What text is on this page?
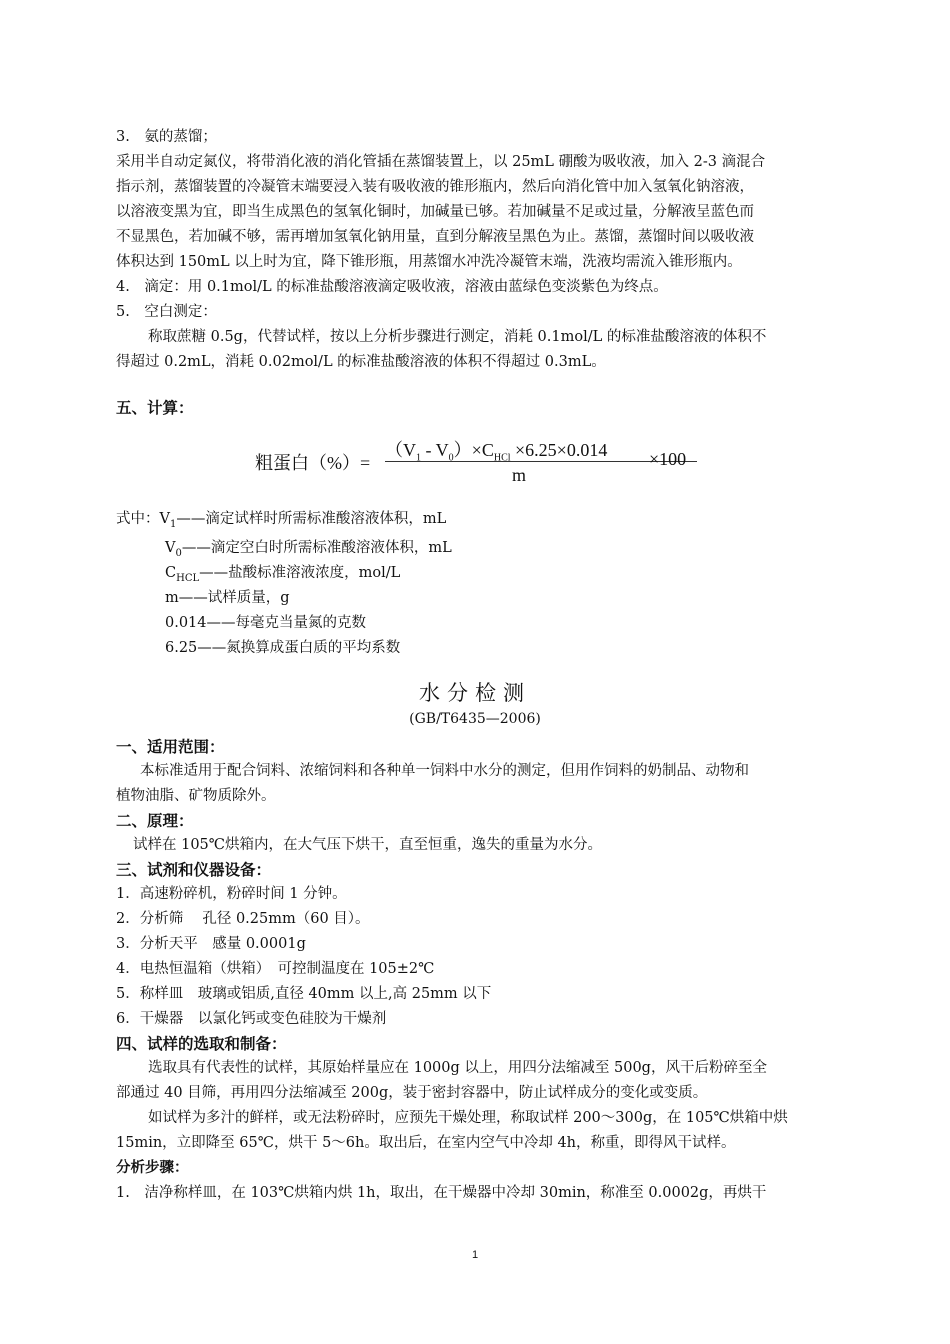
3.　氨的蒸馏；
采用半自动定氮仪，将带消化液的消化管插在蒸馏装置上，以 25mL 硼酸为吸收液，加入 2-3 滴混合
指示剂，蒸馏装置的冷凝管末端要浸入装有吸收液的锥形瓶内，然后向消化管中加入氢氧化钠溶液，
以溶液变黑为宜，即当生成黑色的氢氧化铜时，加碱量已够。若加碱量不足或过量，分解液呈蓝色而
不显黑色，若加碱不够，需再增加氢氧化钠用量，直到分解液呈黑色为止。蒸馏，蒸馏时间以吸收液
体积达到 150mL 以上时为宜，降下锥形瓶，用蒸馏水冲洗冷凝管末端，洗液均需流入锥形瓶内。
4.　滴定：用 0.1mol/L 的标准盐酸溶液滴定吸收液，溶液由蓝绿色变淡紫色为终点。
5.　空白测定：
称取蔗糖 0.5g，代替试样，按以上分析步骤进行测定，消耗 0.1mol/L 的标准盐酸溶液的体积不
得超过 0.2mL，消耗 0.02mol/L 的标准盐酸溶液的体积不得超过 0.3mL。
五、计算：
粗蛋白（%）=
$(V_1 - V_0)\times C_{HCl} \times 6.25\times 0.014$
m
×100
式中：$V_1——$滴定试样时所需标准酸溶液体积，mL
$V_0——$滴定空白时所需标准酸溶液体积，mL
$C_{HCL}——$盐酸标准溶液浓度，mol/L
m——试样质量，g
0.014——每毫克当量氮的克数
6.25——氮换算成蛋白质的平均系数
水分检测
(GB/T6435—2006)
一、适用范围：
本标准适用于配合饲料、浓缩饲料和各种单一饲料中水分的测定，但用作饲料的奶制品、动物和
植物油脂、矿物质除外。
二、原理：
试样在 105℃烘箱内，在大气压下烘干，直至恒重，逸失的重量为水分。
三、试剂和仪器设备：
1．高速粉碎机，粉碎时间 1 分钟。
2．分析筛　 孔径 0.25mm（60 目）。
3．分析天平　感量 0.0001g
4．电热恒温箱（烘箱）　可控制温度在 105±2℃
5．称样皿　玻璃或铝质,直径 40mm 以上,高 25mm 以下
6．干燥器　以氯化钙或变色硅胶为干燥剂
四、试样的选取和制备：
选取具有代表性的试样，其原始样量应在 1000g 以上，用四分法缩减至 500g，风干后粉碎至全
部通过 40 目筛，再用四分法缩减至 200g，装于密封容器中，防止试样成分的变化或变质。
如试样为多汁的鲜样，或无法粉碎时，应预先干燥处理，称取试样 200～300g，在 105℃烘箱中烘
15min，立即降至 65℃，烘干 5～6h。取出后，在室内空气中冷却 4h，称重，即得风干试样。
分析步骤：
1.　洁净称样皿，在 103℃烘箱内烘 1h，取出，在干燥器中冷却 30min，称准至 0.0002g，再烘干
1
